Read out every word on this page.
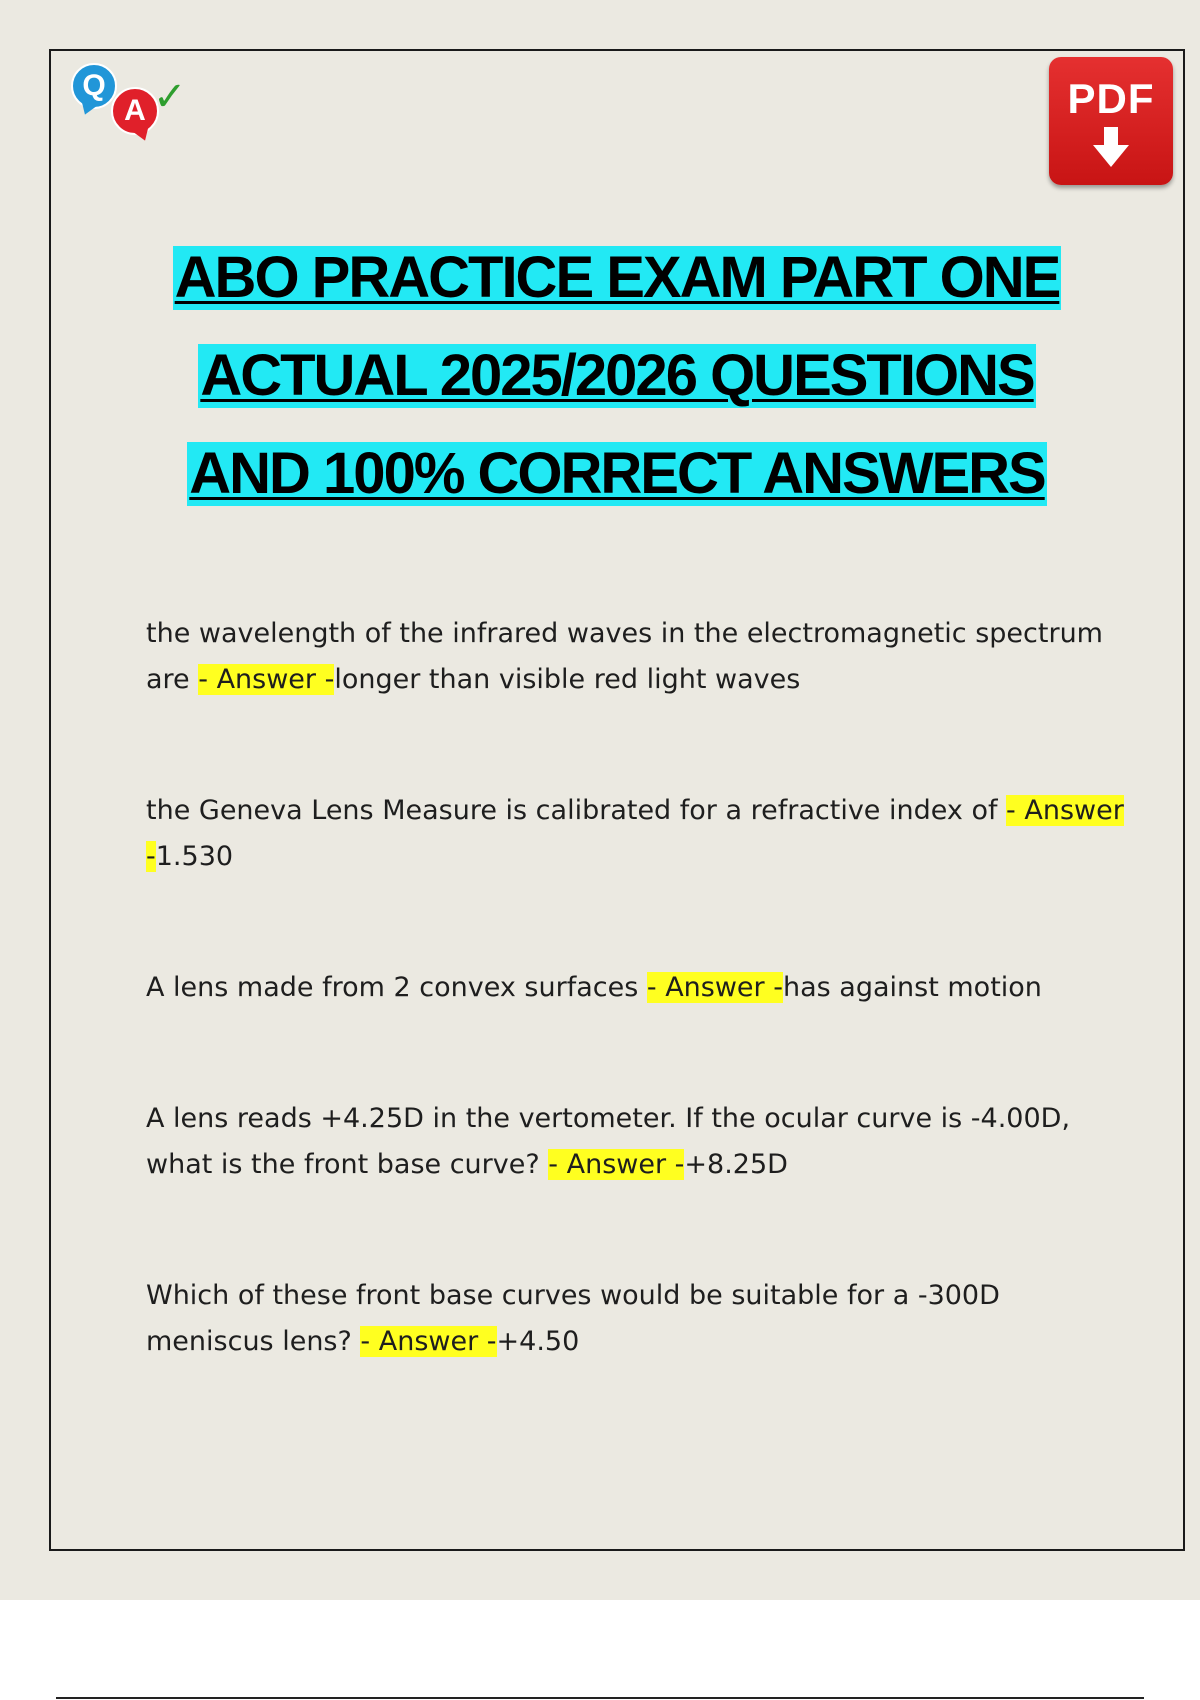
Q
A ✓	PDF
ABO PRACTICE EXAM PART ONE
ACTUAL 2025/2026 QUESTIONS
AND 100% CORRECT ANSWERS

the wavelength of the infrared waves in the electromagnetic spectrum are - Answer -longer than visible red light waves

the Geneva Lens Measure is calibrated for a refractive index of - Answer -1.530

A lens made from 2 convex surfaces - Answer -has against motion

A lens reads +4.25D in the vertometer. If the ocular curve is -4.00D, what is the front base curve? - Answer -+8.25D

Which of these front base curves would be suitable for a -300D meniscus lens? - Answer -+4.50
